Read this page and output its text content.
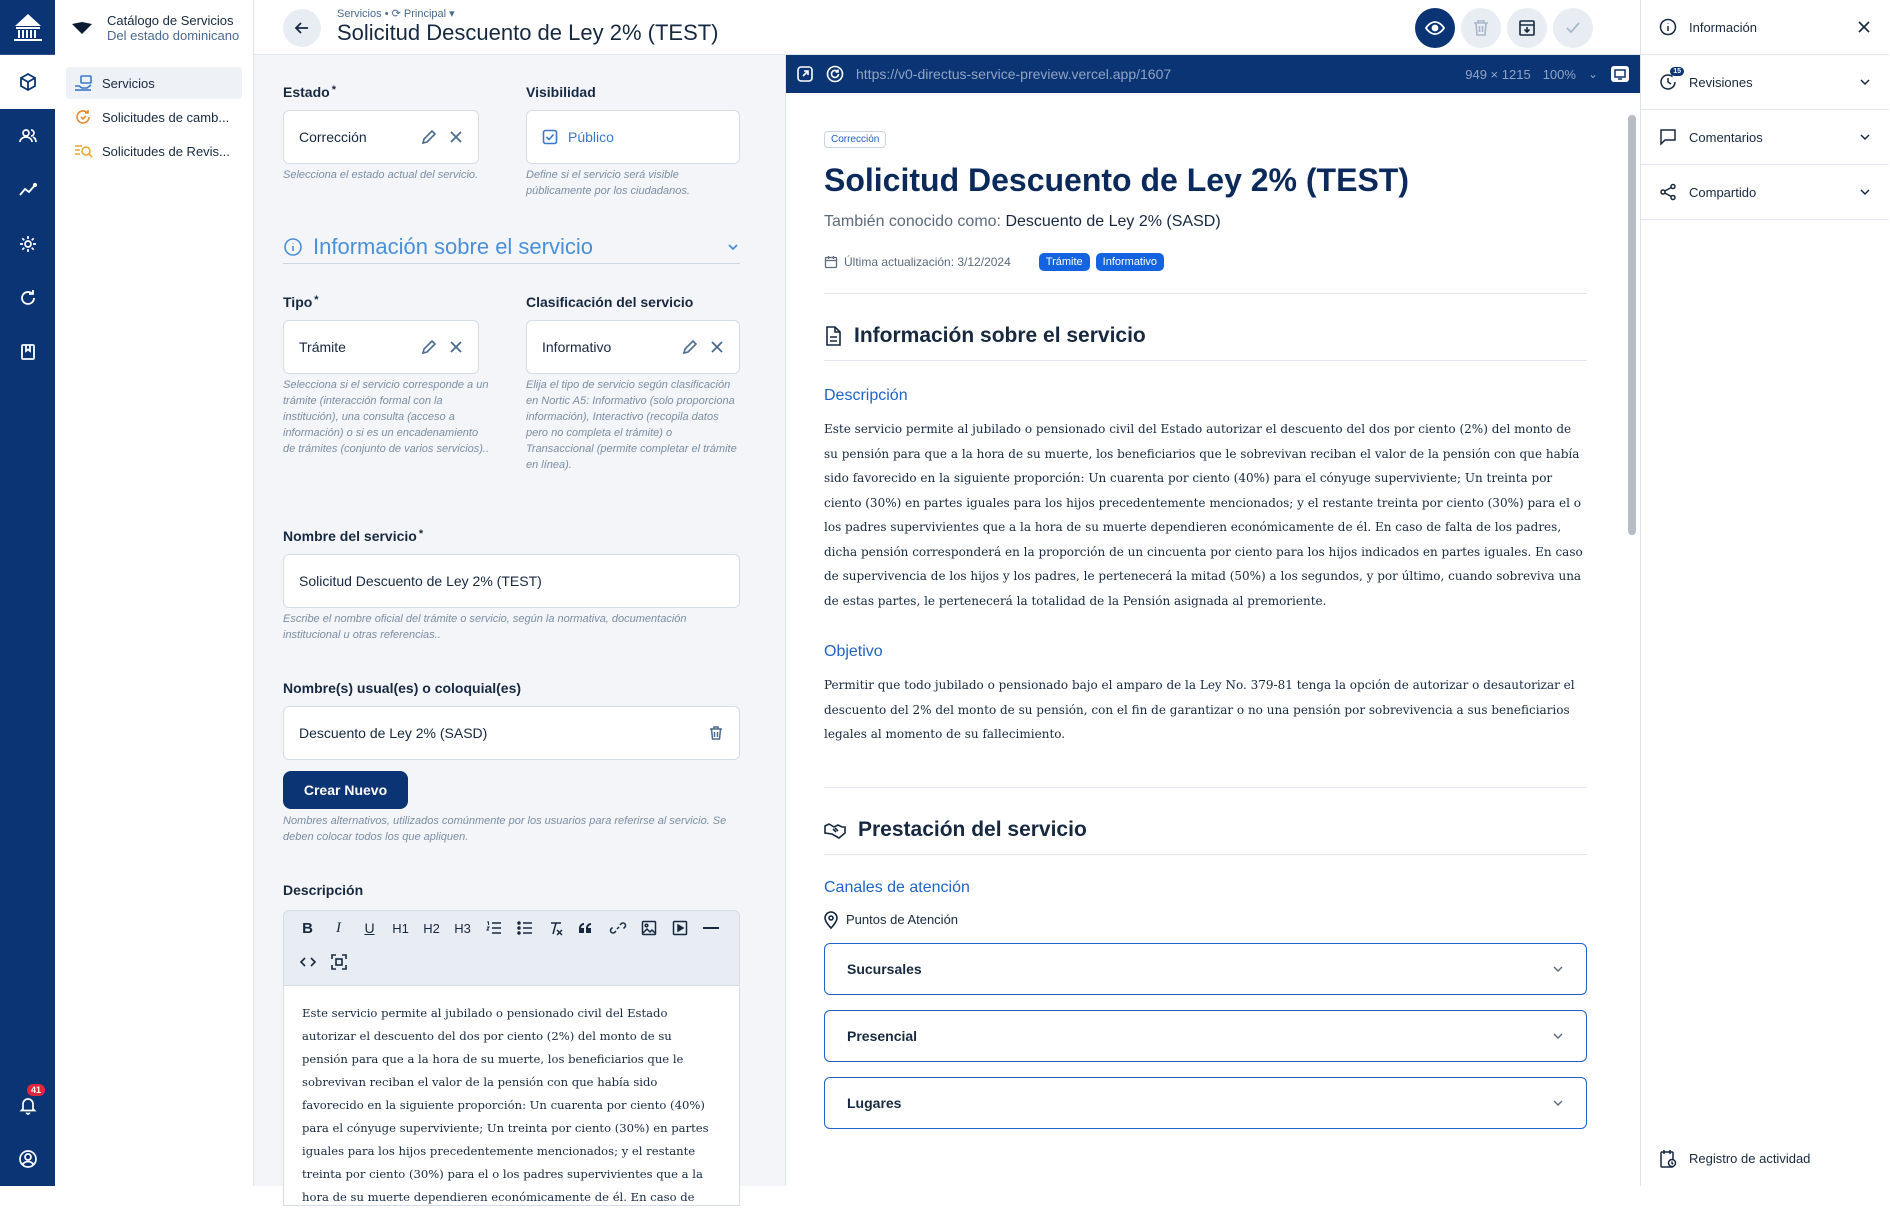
41
Catálogo de Servicios
Del estado dominicano
Servicios
Solicitudes de camb...
Solicitudes de Revis...
Estado *
Corrección
Selecciona el estado actual del servicio.
Visibilidad
Público
Define si el servicio será visible públicamente por los ciudadanos.
Información sobre el servicio
Tipo *
Trámite
Selecciona si el servicio corresponde a un trámite (interacción formal con la institución), una consulta (acceso a información) o si es un encadenamiento de trámites (conjunto de varios servicios)..
Clasificación del servicio
Informativo
Elija el tipo de servicio según clasificación en Nortic A5: Informativo (solo proporciona información), Interactivo (recopila datos pero no completa el trámite) o Transaccional (permite completar el trámite en línea).
Nombre del servicio *
Solicitud Descuento de Ley 2% (TEST)
Escribe el nombre oficial del trámite o servicio, según la normativa, documentación institucional u otras referencias..
Nombre(s) usual(es) o coloquial(es)
Descuento de Ley 2% (SASD)
Crear Nuevo
Nombres alternativos, utilizados comúnmente por los usuarios para referirse al servicio. Se deben colocar todos los que apliquen.
Descripción
B	I	U	H1	H2	H3
Este servicio permite al jubilado o pensionado civil del Estado autorizar el descuento del dos por ciento (2%) del monto de su pensión para que a la hora de su muerte, los beneficiarios que le sobrevivan reciban el valor de la pensión con que había sido favorecido en la siguiente proporción: Un cuarenta por ciento (40%) para el cónyuge superviviente; Un treinta por ciento (30%) en partes iguales para los hijos precedentemente mencionados; y el restante treinta por ciento (30%) para el o los padres supervivientes que a la hora de su muerte dependieren económicamente de él. En caso de
Servicios • ⟳ Principal ▾
Solicitud Descuento de Ley 2% (TEST)
https://v0-directus-service-preview.vercel.app/1607	949 × 1215 100% ⌄
Corrección
Solicitud Descuento de Ley 2% (TEST)
También conocido como: Descuento de Ley 2% (SASD)
Última actualización: 3/12/2024	Trámite	Informativo
Información sobre el servicio
Descripción
Este servicio permite al jubilado o pensionado civil del Estado autorizar el descuento del dos por ciento (2%) del monto de su pensión para que a la hora de su muerte, los beneficiarios que le sobrevivan reciban el valor de la pensión con que había sido favorecido en la siguiente proporción: Un cuarenta por ciento (40%) para el cónyuge superviviente; Un treinta por ciento (30%) en partes iguales para los hijos precedentemente mencionados; y el restante treinta por ciento (30%) para el o los padres supervivientes que a la hora de su muerte dependieren económicamente de él. En caso de falta de los padres, dicha pensión corresponderá en la proporción de un cincuenta por ciento para los hijos indicados en partes iguales. En caso de supervivencia de los hijos y los padres, le pertenecerá la mitad (50%) a los segundos, y por último, cuando sobreviva una de estas partes, le pertenecerá la totalidad de la Pensión asignada al premoriente.
Objetivo
Permitir que todo jubilado o pensionado bajo el amparo de la Ley No. 379-81 tenga la opción de autorizar o desautorizar el descuento del 2% del monto de su pensión, con el fin de garantizar o no una pensión por sobrevivencia a sus beneficiarios legales al momento de su fallecimiento.
Prestación del servicio
Canales de atención
Puntos de Atención
Sucursales
Presencial
Lugares
Información
15
Revisiones
Comentarios
Compartido
Registro de actividad
